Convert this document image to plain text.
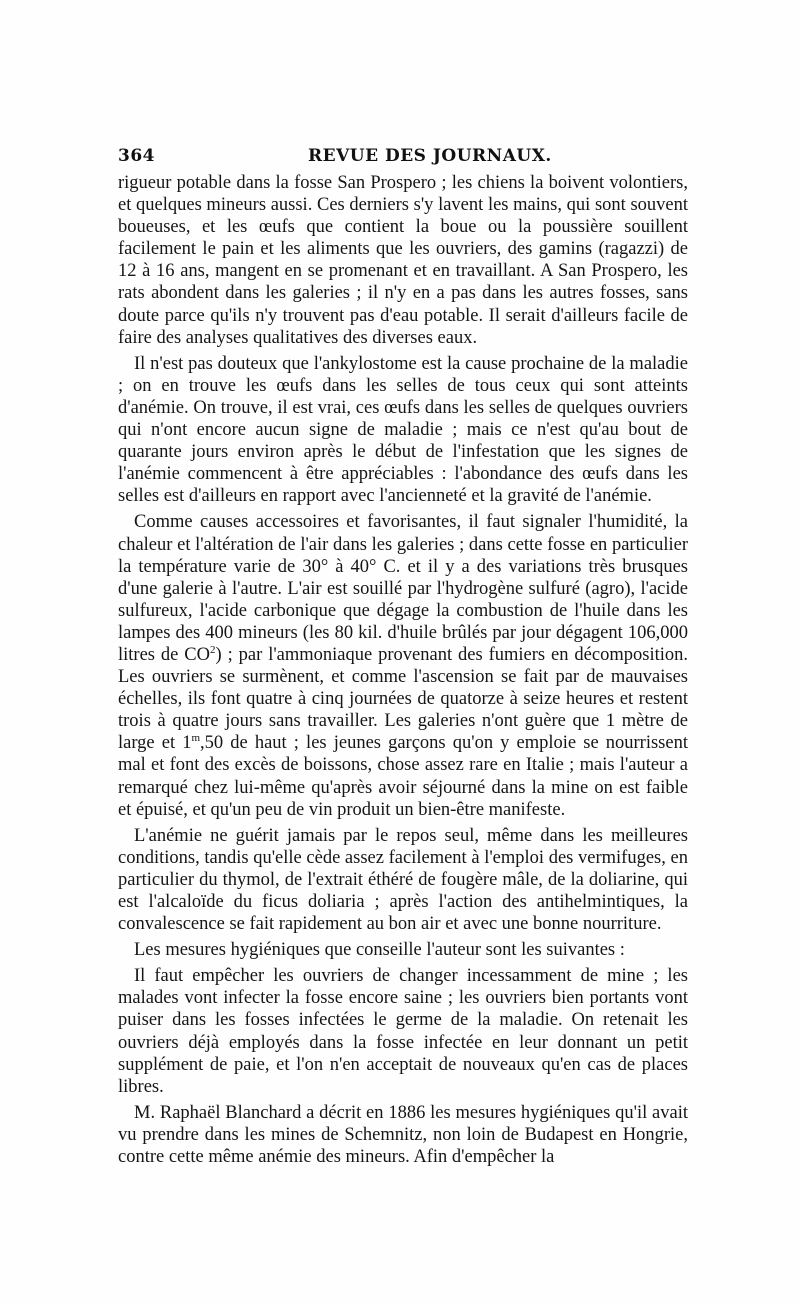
364	REVUE DES JOURNAUX.

rigueur potable dans la fosse San Prospero ; les chiens la boivent volontiers, et quelques mineurs aussi. Ces derniers s'y lavent les mains, qui sont souvent boueuses, et les œufs que contient la boue ou la poussière souillent facilement le pain et les aliments que les ouvriers, des gamins (ragazzi) de 12 à 16 ans, mangent en se promenant et en travaillant. A San Prospero, les rats abondent dans les galeries ; il n'y en a pas dans les autres fosses, sans doute parce qu'ils n'y trouvent pas d'eau potable. Il serait d'ailleurs facile de faire des analyses qualitatives des diverses eaux.

Il n'est pas douteux que l'ankylostome est la cause prochaine de la maladie ; on en trouve les œufs dans les selles de tous ceux qui sont atteints d'anémie. On trouve, il est vrai, ces œufs dans les selles de quelques ouvriers qui n'ont encore aucun signe de maladie ; mais ce n'est qu'au bout de quarante jours environ après le début de l'infestation que les signes de l'anémie commencent à être appréciables : l'abondance des œufs dans les selles est d'ailleurs en rapport avec l'ancienneté et la gravité de l'anémie.

Comme causes accessoires et favorisantes, il faut signaler l'humidité, la chaleur et l'altération de l'air dans les galeries ; dans cette fosse en particulier la température varie de 30° à 40° C. et il y a des variations très brusques d'une galerie à l'autre. L'air est souillé par l'hydrogène sulfuré (agro), l'acide sulfureux, l'acide carbonique que dégage la combustion de l'huile dans les lampes des 400 mineurs (les 80 kil. d'huile brûlés par jour dégagent 106,000 litres de $CO^2$) ; par l'ammoniaque provenant des fumiers en décomposition. Les ouvriers se surmènent, et comme l'ascension se fait par de mauvaises échelles, ils font quatre à cinq journées de quatorze à seize heures et restent trois à quatre jours sans travailler. Les galeries n'ont guère que 1 mètre de large et 1$^m$,50 de haut ; les jeunes garçons qu'on y emploie se nourrissent mal et font des excès de boissons, chose assez rare en Italie ; mais l'auteur a remarqué chez lui-même qu'après avoir séjourné dans la mine on est faible et épuisé, et qu'un peu de vin produit un bien-être manifeste.

L'anémie ne guérit jamais par le repos seul, même dans les meilleures conditions, tandis qu'elle cède assez facilement à l'emploi des vermifuges, en particulier du thymol, de l'extrait éthéré de fougère mâle, de la doliarine, qui est l'alcaloïde du ficus doliaria ; après l'action des antihelmintiques, la convalescence se fait rapidement au bon air et avec une bonne nourriture.

Les mesures hygiéniques que conseille l'auteur sont les suivantes :

Il faut empêcher les ouvriers de changer incessamment de mine ; les malades vont infecter la fosse encore saine ; les ouvriers bien portants vont puiser dans les fosses infectées le germe de la maladie. On retenait les ouvriers déjà employés dans la fosse infectée en leur donnant un petit supplément de paie, et l'on n'en acceptait de nouveaux qu'en cas de places libres.

M. Raphaël Blanchard a décrit en 1886 les mesures hygiéniques qu'il avait vu prendre dans les mines de Schemnitz, non loin de Budapest en Hongrie, contre cette même anémie des mineurs. Afin d'empêcher la
